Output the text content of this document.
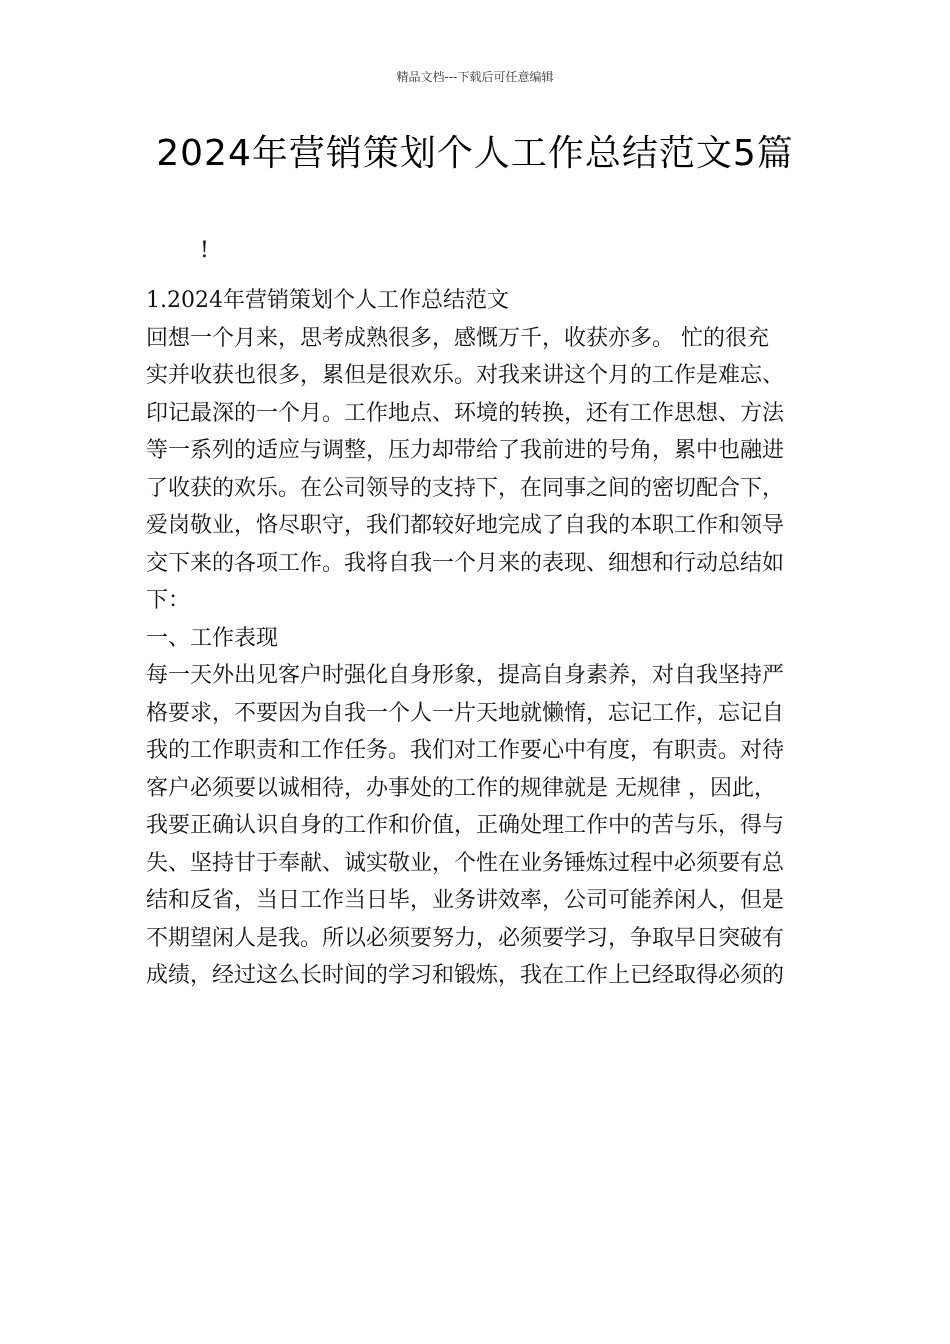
精品文档---下载后可任意编辑
2024年营销策划个人工作总结范文5篇
!
1.2024年营销策划个人工作总结范文
回想一个月来，思考成熟很多，感慨万千，收获亦多。 忙的很充
实并收获也很多，累但是很欢乐。对我来讲这个月的工作是难忘、
印记最深的一个月。工作地点、环境的转换，还有工作思想、方法
等一系列的适应与调整，压力却带给了我前进的号角，累中也融进
了收获的欢乐。在公司领导的支持下，在同事之间的密切配合下，
爱岗敬业，恪尽职守，我们都较好地完成了自我的本职工作和领导
交下来的各项工作。我将自我一个月来的表现、细想和行动总结如
下：
一、工作表现
每一天外出见客户时强化自身形象，提高自身素养，对自我坚持严
格要求，不要因为自我一个人一片天地就懒惰，忘记工作，忘记自
我的工作职责和工作任务。我们对工作要心中有度，有职责。对待
客户必须要以诚相待，办事处的工作的规律就是 无规律 ，因此，
我要正确认识自身的工作和价值，正确处理工作中的苦与乐，得与
失、坚持甘于奉献、诚实敬业，个性在业务锤炼过程中必须要有总
结和反省，当日工作当日毕，业务讲效率，公司可能养闲人，但是
不期望闲人是我。所以必须要努力，必须要学习，争取早日突破有
成绩，经过这么长时间的学习和锻炼，我在工作上已经取得必须的
